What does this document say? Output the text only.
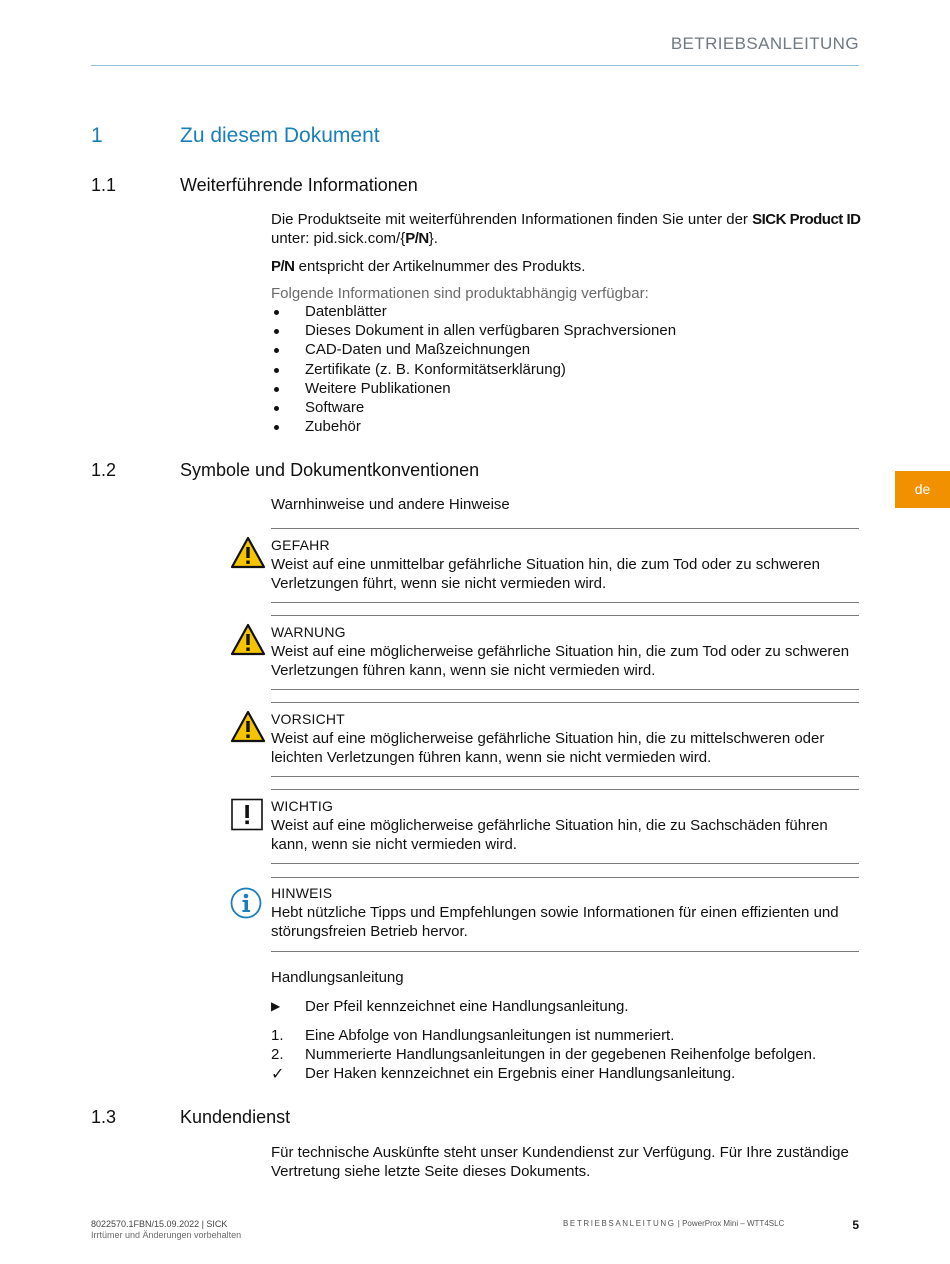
BETRIEBSANLEITUNG
de
1	Zu diesem Dokument
1.1	Weiterführende Informationen
Die Produktseite mit weiterführenden Informationen finden Sie unter der SICK Product ID
unter: pid.sick.com/{P/N}.
P/N entspricht der Artikelnummer des Produkts.
Folgende Informationen sind produktabhängig verfügbar:
Datenblätter
Dieses Dokument in allen verfügbaren Sprachversionen
CAD-Daten und Maßzeichnungen
Zertifikate (z. B. Konformitätserklärung)
Weitere Publikationen
Software
Zubehör
1.2	Symbole und Dokumentkonventionen
Warnhinweise und andere Hinweise
GEFAHR
Weist auf eine unmittelbar gefährliche Situation hin, die zum Tod oder zu schweren
Verletzungen führt, wenn sie nicht vermieden wird.
WARNUNG
Weist auf eine möglicherweise gefährliche Situation hin, die zum Tod oder zu schweren
Verletzungen führen kann, wenn sie nicht vermieden wird.
VORSICHT
Weist auf eine möglicherweise gefährliche Situation hin, die zu mittelschweren oder
leichten Verletzungen führen kann, wenn sie nicht vermieden wird.
WICHTIG
Weist auf eine möglicherweise gefährliche Situation hin, die zu Sachschäden führen
kann, wenn sie nicht vermieden wird.
HINWEIS
Hebt nützliche Tipps und Empfehlungen sowie Informationen für einen effizienten und
störungsfreien Betrieb hervor.
Handlungsanleitung
▶	Der Pfeil kennzeichnet eine Handlungsanleitung.
1.	Eine Abfolge von Handlungsanleitungen ist nummeriert.
2.	Nummerierte Handlungsanleitungen in der gegebenen Reihenfolge befolgen.
✓	Der Haken kennzeichnet ein Ergebnis einer Handlungsanleitung.
1.3	Kundendienst
Für technische Auskünfte steht unser Kundendienst zur Verfügung. Für Ihre zuständige
Vertretung siehe letzte Seite dieses Dokuments.
8022570.1FBN/15.09.2022 | SICK
Irrtümer und Änderungen vorbehalten
BETRIEBSANLEITUNG | PowerProx Mini – WTT4SLC	5
